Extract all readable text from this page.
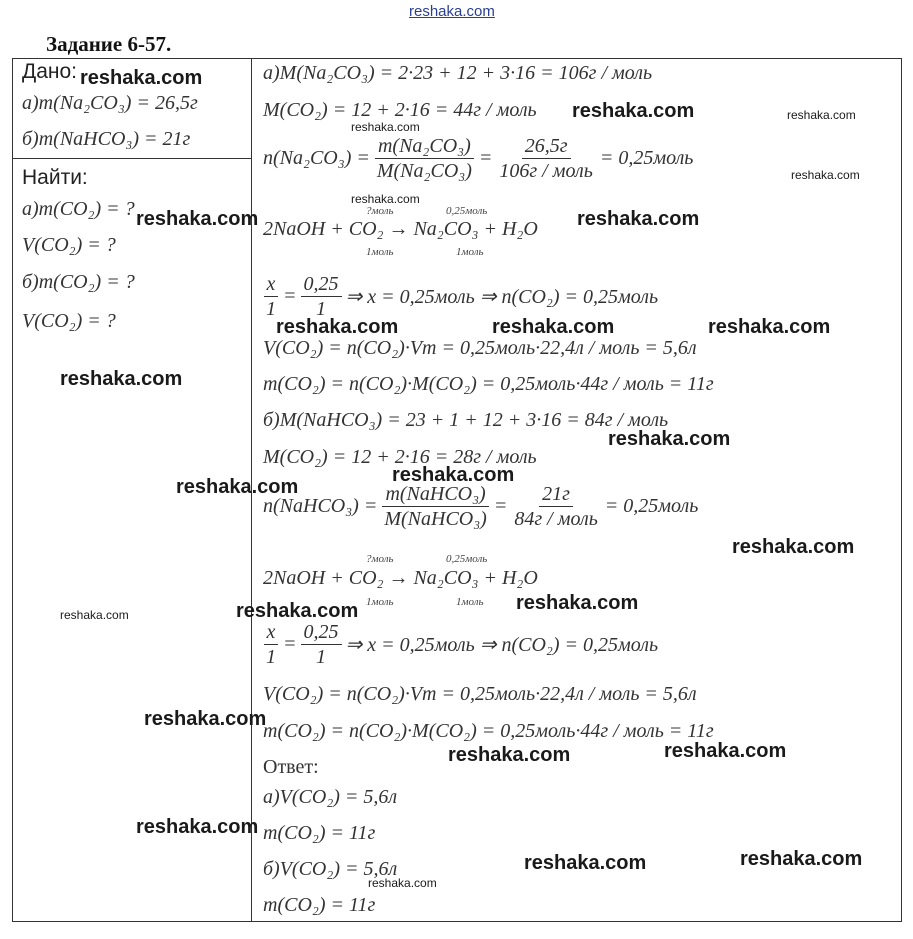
reshaka.com
Задание 6-57.
Дано:
a)m(Na₂CO₃) = 26,5г
б)m(NaHCO₃) = 21г
Найти:
a)m(CO₂) = ?
V(CO₂) = ?
б)m(CO₂) = ?
V(CO₂) = ?
a)M(Na₂CO₃) = 2·23 + 12 + 3·16 = 106г / моль
M(CO₂) = 12 + 2·16 = 44г / моль
$n(Na_2CO_3) = \frac{\text{m(Na₂CO₃)}}{\text{M(Na₂CO₃)}} = \frac{26,5г}{\text{106г / моль}}$ = 0,25моль
?моль	0,25моль
2NaOH + CO₂ → Na₂CO₃ + H₂O
1моль	1моль
$\frac{x}{1} = \frac{0,25}{1}$ ⇒ x = 0,25моль ⇒ n(CO₂) = 0,25моль
V(CO₂) = n(CO₂)·Vm = 0,25моль·22,4л / моль = 5,6л
m(CO₂) = n(CO₂)·M(CO₂) = 0,25моль·44г / моль = 11г
б)M(NaHCO₃) = 23 + 1 + 12 + 3·16 = 84г / моль
M(CO₂) = 12 + 2·16 = 28г / моль
n(NaHCO₃) = $\frac{\text{m(NaHCO₃)}}{\text{M(NaHCO₃)}} = \frac{21г}{\text{84г / моль}}$ = 0,25моль
?моль	0,25моль
2NaOH + CO₂ → Na₂CO₃ + H₂O
1моль	1моль
$\frac{x}{1} = \frac{0,25}{1}$ ⇒ x = 0,25моль ⇒ n(CO₂) = 0,25моль
V(CO₂) = n(CO₂)·Vm = 0,25моль·22,4л / моль = 5,6л
m(CO₂) = n(CO₂)·M(CO₂) = 0,25моль·44г / моль = 11г
Ответ:
a)V(CO₂) = 5,6л
m(CO₂) = 11г
б)V(CO₂) = 5,6л
m(CO₂) = 11г
reshaka.com
reshaka.com	reshaka.com
reshaka.com
reshaka.com
reshaka.com
reshaka.com	reshaka.com
reshaka.com	reshaka.com	reshaka.com
reshaka.com
reshaka.com
reshaka.com
reshaka.com
reshaka.com
reshaka.com
reshaka.com
reshaka.com
reshaka.com
reshaka.com
reshaka.com
reshaka.com
reshaka.com
reshaka.com
reshaka.com
